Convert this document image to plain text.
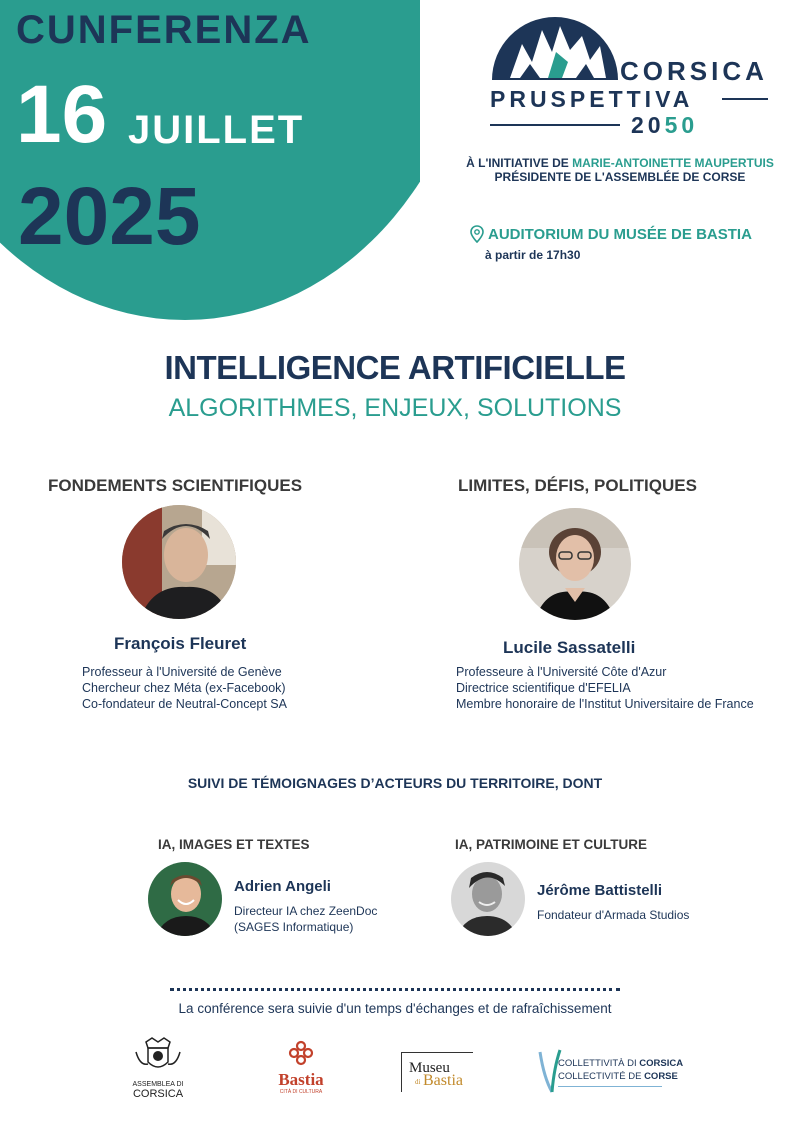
CUNFERENZA
16 JUILLET
2025
CORSICA
PRUSPETTIVA
2050
À L'INITIATIVE DE MARIE-ANTOINETTE MAUPERTUIS
PRÉSIDENTE DE L'ASSEMBLÉE DE CORSE
AUDITORIUM DU MUSÉE DE BASTIA
à partir de 17h30
INTELLIGENCE ARTIFICIELLE
ALGORITHMES, ENJEUX, SOLUTIONS
FONDEMENTS SCIENTIFIQUES
François Fleuret
Professeur à l'Université de Genève
Chercheur chez Méta (ex-Facebook)
Co-fondateur de Neutral-Concept SA
LIMITES, DÉFIS, POLITIQUES
Lucile Sassatelli
Professeure à l'Université Côte d'Azur
Directrice scientifique d'EFELIA
Membre honoraire de l'Institut Universitaire de France
SUIVI DE TÉMOIGNAGES D’ACTEURS DU TERRITOIRE, DONT
IA, IMAGES ET TEXTES
Adrien Angeli
Directeur IA chez ZeenDoc
(SAGES Informatique)
IA, PATRIMOINE ET CULTURE
Jérôme Battistelli
Fondateur d'Armada Studios
La conférence sera suivie d'un temps d'échanges et de rafraîchissement
ASSEMBLEA DI
CORSICA
Bastia
CITÀ DI CULTURA
Museu
di Bastia
COLLETTIVITÀ DI CORSICA
COLLECTIVITÉ DE CORSE
